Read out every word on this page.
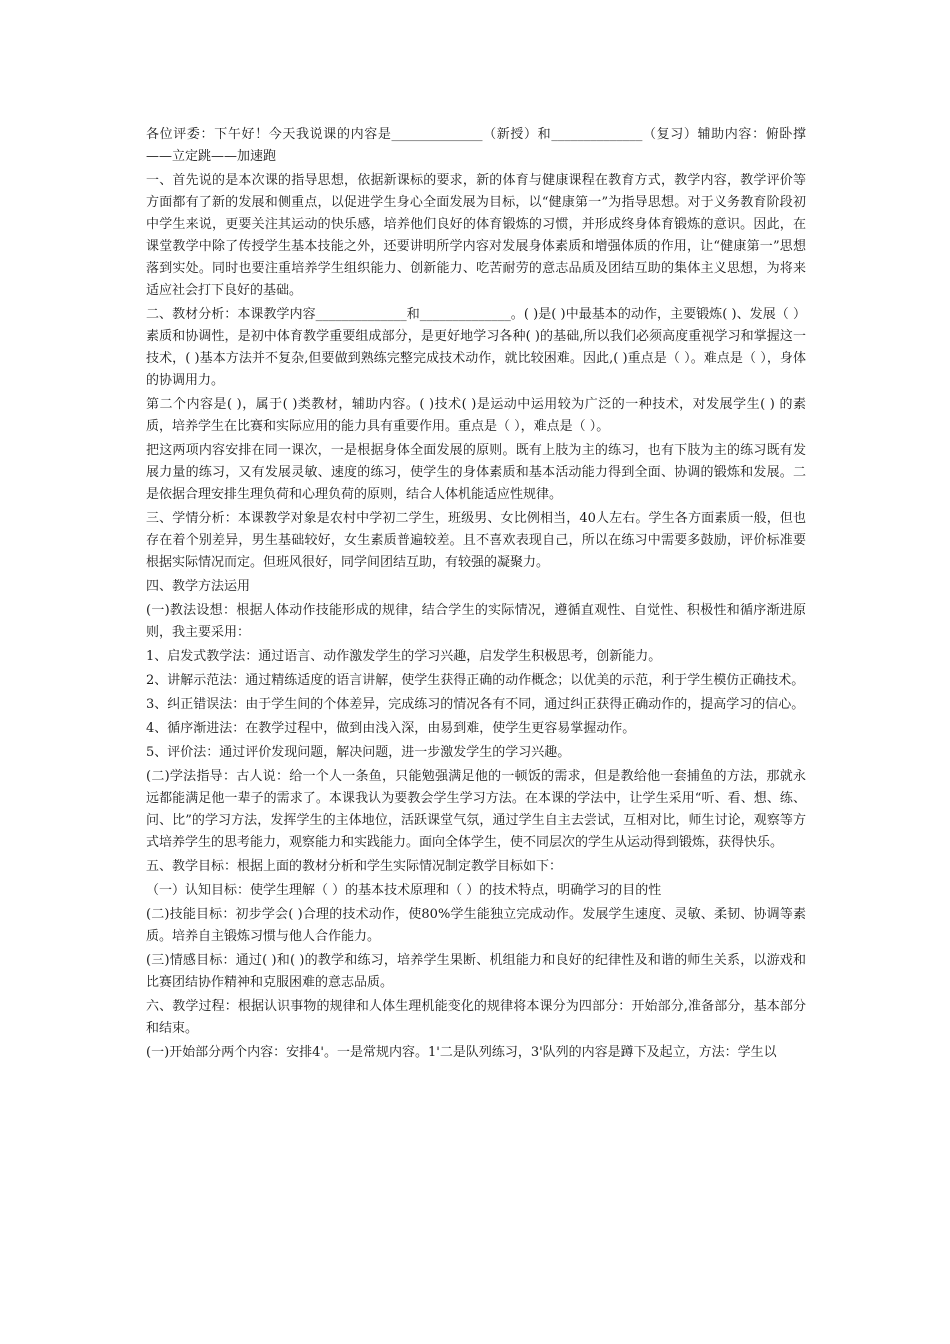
各位评委：下午好！今天我说课的内容是______________（新授）和______________（复习）辅助内容：俯卧撑——立定跳——加速跑

一、首先说的是本次课的指导思想，依据新课标的要求，新的体育与健康课程在教育方式，教学内容，教学评价等方面都有了新的发展和侧重点，以促进学生身心全面发展为目标，以“健康第一”为指导思想。对于义务教育阶段初中学生来说，更要关注其运动的快乐感，培养他们良好的体育锻炼的习惯，并形成终身体育锻炼的意识。因此，在课堂教学中除了传授学生基本技能之外，还要讲明所学内容对发展身体素质和增强体质的作用，让“健康第一”思想落到实处。同时也要注重培养学生组织能力、创新能力、吃苦耐劳的意志品质及团结互助的集体主义思想，为将来适应社会打下良好的基础。

二、教材分析：本课教学内容______________和______________。( )是( )中最基本的动作，主要锻炼( )、发展（ ）素质和协调性，是初中体育教学重要组成部分，是更好地学习各种( )的基础,所以我们必须高度重视学习和掌握这一技术，( )基本方法并不复杂,但要做到熟练完整完成技术动作，就比较困难。因此,( )重点是（ ）。难点是（ ），身体的协调用力。

第二个内容是( )，属于( )类教材，辅助内容。( )技术( )是运动中运用较为广泛的一种技术，对发展学生( ) 的素质，培养学生在比赛和实际应用的能力具有重要作用。重点是（ ），难点是（ ）。

把这两项内容安排在同一课次，一是根据身体全面发展的原则。既有上肢为主的练习，也有下肢为主的练习既有发展力量的练习，又有发展灵敏、速度的练习，使学生的身体素质和基本活动能力得到全面、协调的锻炼和发展。二是依据合理安排生理负荷和心理负荷的原则，结合人体机能适应性规律。

三、学情分析：本课教学对象是农村中学初二学生，班级男、女比例相当，40人左右。学生各方面素质一般，但也存在着个别差异，男生基础较好，女生素质普遍较差。且不喜欢表现自己，所以在练习中需要多鼓励，评价标准要根据实际情况而定。但班风很好，同学间团结互助，有较强的凝聚力。

四、教学方法运用

(一)教法设想：根据人体动作技能形成的规律，结合学生的实际情况，遵循直观性、自觉性、积极性和循序渐进原则，我主要采用：

1、启发式教学法：通过语言、动作激发学生的学习兴趣，启发学生积极思考，创新能力。

2、讲解示范法：通过精练适度的语言讲解，使学生获得正确的动作概念；以优美的示范，利于学生模仿正确技术。

3、纠正错误法：由于学生间的个体差异，完成练习的情况各有不同，通过纠正获得正确动作的，提高学习的信心。

4、循序渐进法：在教学过程中，做到由浅入深，由易到难，使学生更容易掌握动作。

5、评价法：通过评价发现问题，解决问题，进一步激发学生的学习兴趣。

(二)学法指导：古人说：给一个人一条鱼，只能勉强满足他的一顿饭的需求，但是教给他一套捕鱼的方法，那就永远都能满足他一辈子的需求了。本课我认为要教会学生学习方法。在本课的学法中，让学生采用“听、看、想、练、问、比”的学习方法，发挥学生的主体地位，活跃课堂气氛，通过学生自主去尝试，互相对比，师生讨论，观察等方式培养学生的思考能力，观察能力和实践能力。面向全体学生，使不同层次的学生从运动得到锻炼，获得快乐。

五、教学目标：根据上面的教材分析和学生实际情况制定教学目标如下：

（一）认知目标：使学生理解（ ）的基本技术原理和（ ）的技术特点，明确学习的目的性

(二)技能目标：初步学会( )合理的技术动作，使80%学生能独立完成动作。发展学生速度、灵敏、柔韧、协调等素质。培养自主锻炼习惯与他人合作能力。

(三)情感目标：通过( )和( )的教学和练习，培养学生果断、机组能力和良好的纪律性及和谐的师生关系，以游戏和比赛团结协作精神和克服困难的意志品质。

六、教学过程：根据认识事物的规律和人体生理机能变化的规律将本课分为四部分：开始部分,准备部分，基本部分和结束。

(一)开始部分两个内容：安排4'。一是常规内容。1'二是队列练习，3'队列的内容是蹲下及起立，方法：学生以
